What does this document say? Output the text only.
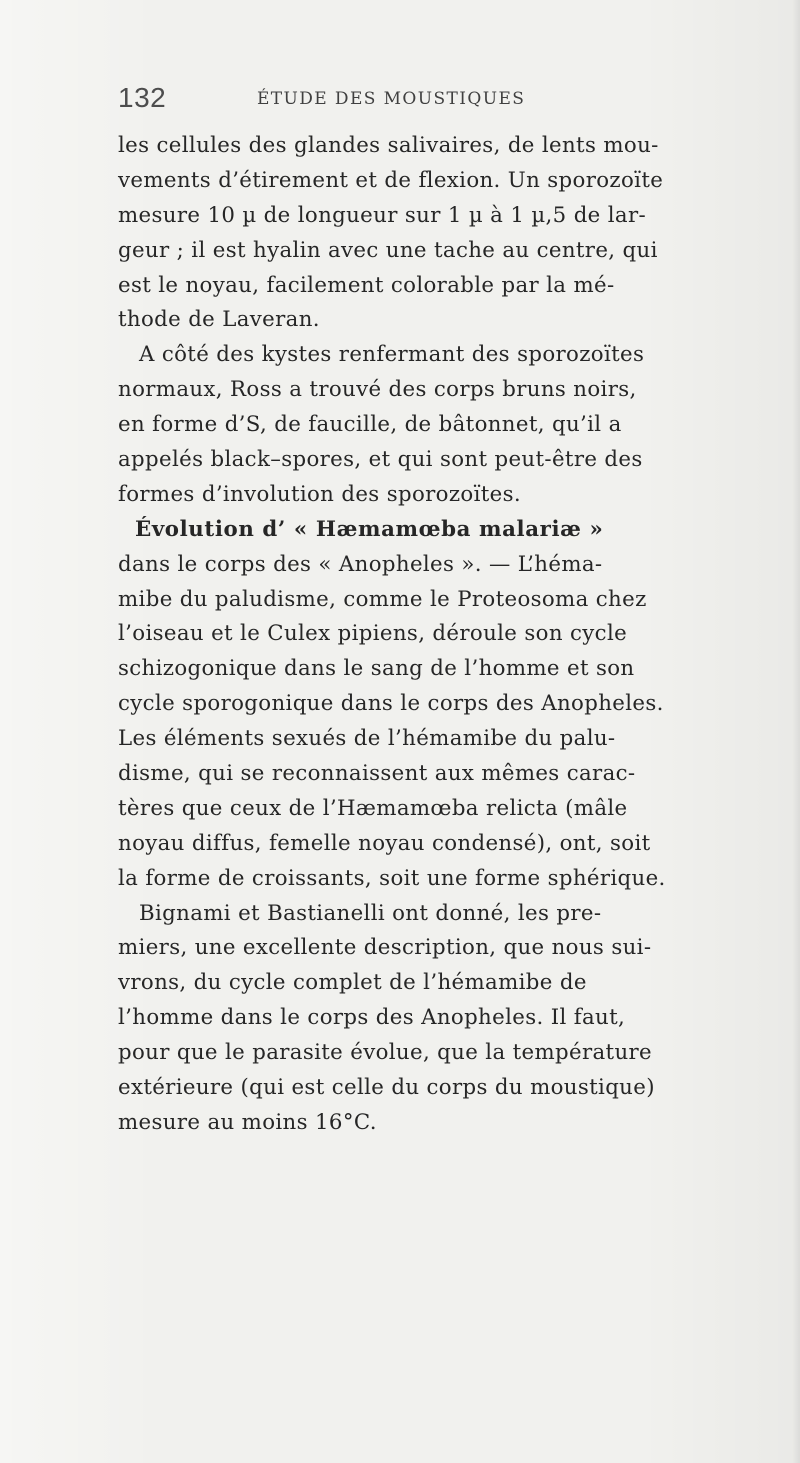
132	ÉTUDE DES MOUSTIQUES
les cellules des glandes salivaires, de lents mou-
vements d’étirement et de flexion. Un sporozoïte
mesure 10 µ de longueur sur 1 µ à 1 µ,5 de lar-
geur ; il est hyalin avec une tache au centre, qui
est le noyau, facilement colorable par la mé-
thode de Laveran.
A côté des kystes renfermant des sporozoïtes
normaux, Ross a trouvé des corps bruns noirs,
en forme d’S, de faucille, de bâtonnet, qu’il a
appelés black–spores, et qui sont peut-être des
formes d’involution des sporozoïtes.
Évolution d’ « Hæmamœba malariæ »
dans le corps des « Anopheles ». — L’héma-
mibe du paludisme, comme le Proteosoma chez
l’oiseau et le Culex pipiens, déroule son cycle
schizogonique dans le sang de l’homme et son
cycle sporogonique dans le corps des Anopheles.
Les éléments sexués de l’hémamibe du palu-
disme, qui se reconnaissent aux mêmes carac-
tères que ceux de l’Hæmamœba relicta (mâle
noyau diffus, femelle noyau condensé), ont, soit
la forme de croissants, soit une forme sphérique.
Bignami et Bastianelli ont donné, les pre-
miers, une excellente description, que nous sui-
vrons, du cycle complet de l’hémamibe de
l’homme dans le corps des Anopheles. Il faut,
pour que le parasite évolue, que la température
extérieure (qui est celle du corps du moustique)
mesure au moins 16°C.
